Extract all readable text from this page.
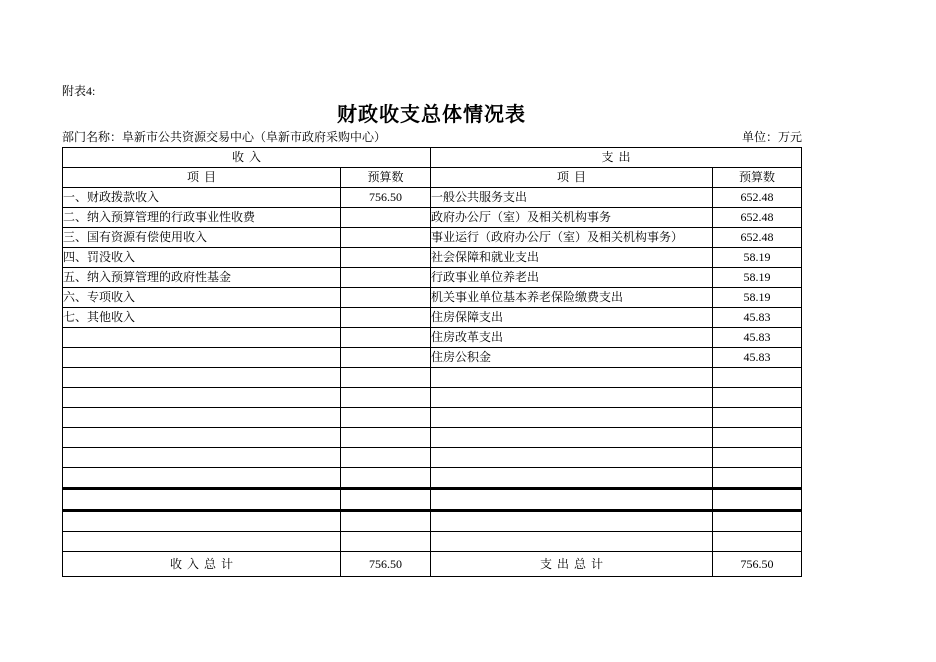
附表4:
财政收支总体情况表
部门名称：阜新市公共资源交易中心（阜新市政府采购中心）	单位：万元
收 入		支 出	
项 目	预算数	项 目	预算数
一、财政拨款收入	756.50	一般公共服务支出	652.48
二、纳入预算管理的行政事业性收费		政府办公厅（室）及相关机构事务	652.48
三、国有资源有偿使用收入		事业运行（政府办公厅（室）及相关机构事务）	652.48
四、罚没收入		社会保障和就业支出	58.19
五、纳入预算管理的政府性基金		行政事业单位养老出	58.19
六、专项收入		机关事业单位基本养老保险缴费支出	58.19
七、其他收入		住房保障支出	45.83
		住房改革支出	45.83
		住房公积金	45.83

收 入 总 计	756.50	支 出 总 计	756.50
